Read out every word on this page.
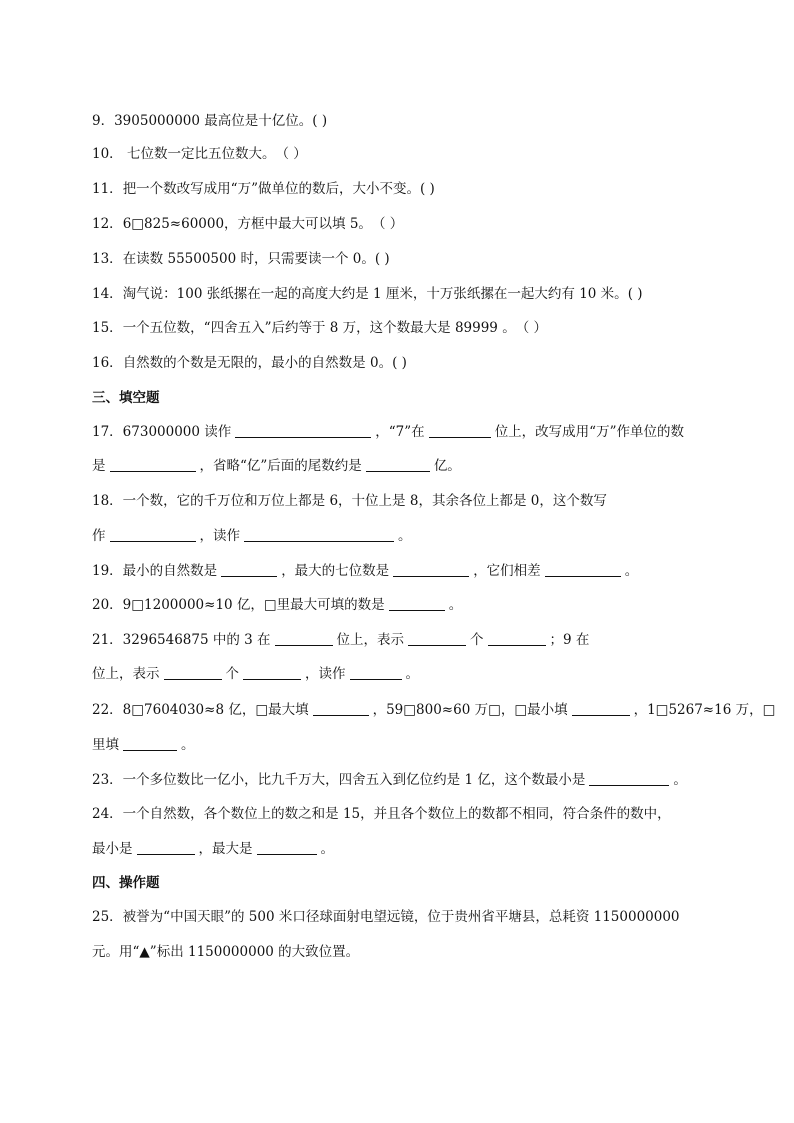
9．3905000000 最高位是十亿位。( )
10． 七位数一定比五位数大。（ ）
11．把一个数改写成用“万”做单位的数后，大小不变。( )
12．6□825≈60000，方框中最大可以填 5。（ ）
13．在读数 55500500 时，只需要读一个 0。( )
14．淘气说：100 张纸摞在一起的高度大约是 1 厘米，十万张纸摞在一起大约有 10 米。( )
15．一个五位数，“四舍五入”后约等于 8 万，这个数最大是 89999 。（ ）
16．自然数的个数是无限的，最小的自然数是 0。( )
三、填空题
17．673000000 读作	，“7”在	位上，改写成用“万”作单位的数
是	，省略“亿”后面的尾数约是	亿。
18．一个数，它的千万位和万位上都是 6，十位上是 8，其余各位上都是 0，这个数写
作	，读作	。
19．最小的自然数是	，最大的七位数是	，它们相差	。
20．9□1200000≈10 亿，□里最大可填的数是	。
21．3296546875 中的 3 在	位上，表示	个	；9 在
位上，表示	个	，读作	。
22．8□7604030≈8 亿，□最大填	，59□800≈60 万□，□最小填	，1□5267≈16 万，□
里填	。
23．一个多位数比一亿小，比九千万大，四舍五入到亿位约是 1 亿，这个数最小是	。
24．一个自然数，各个数位上的数之和是 15，并且各个数位上的数都不相同，符合条件的数中，
最小是	，最大是	。
四、操作题
25．被誉为“中国天眼”的 500 米口径球面射电望远镜，位于贵州省平塘县，总耗资 1150000000
元。用“▲”标出 1150000000 的大致位置。
